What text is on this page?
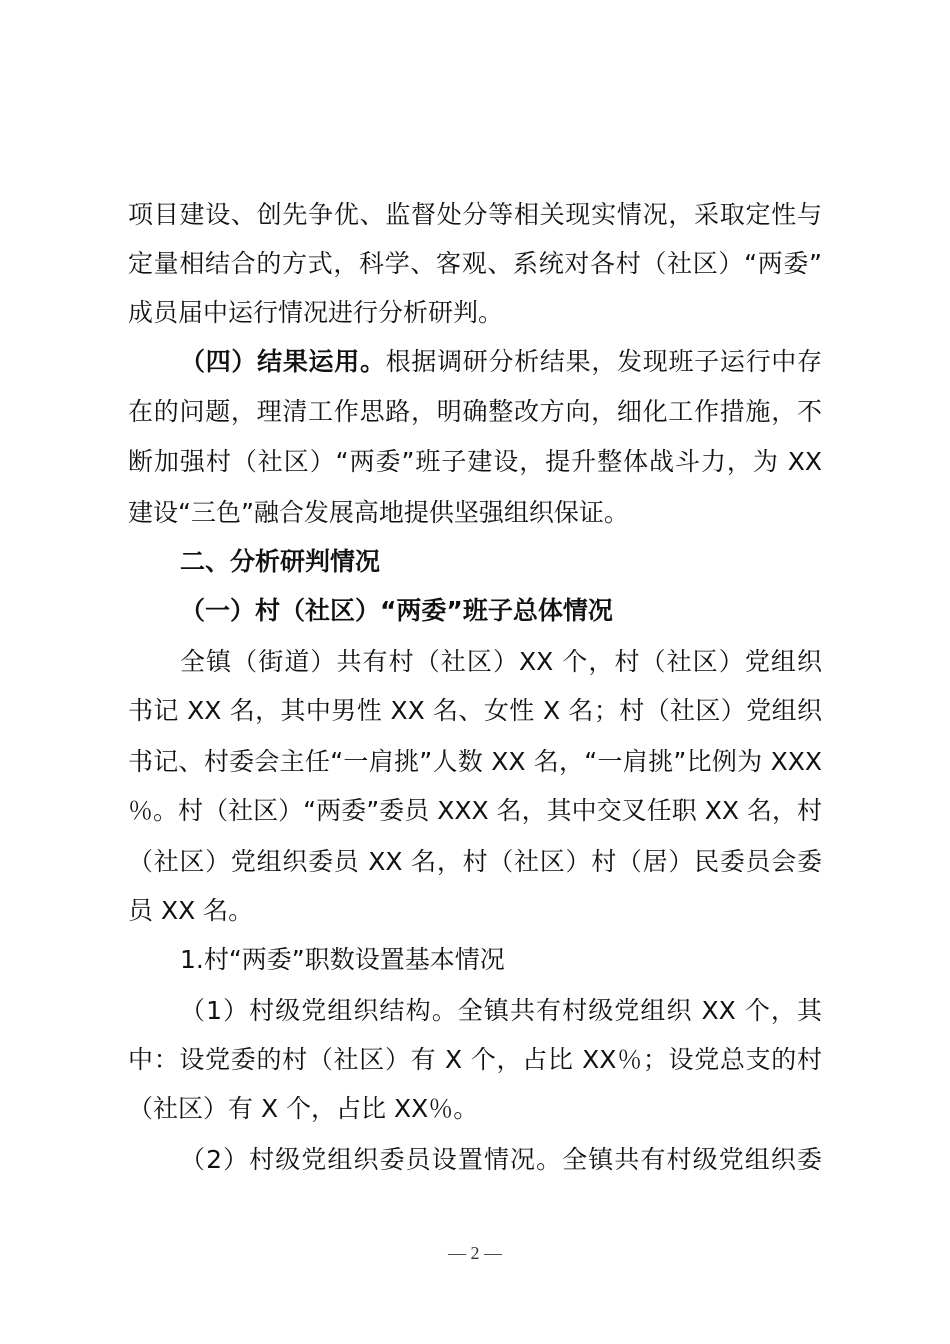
项目建设、创先争优、监督处分等相关现实情况，采取定性与
定量相结合的方式，科学、客观、系统对各村（社区）“两委”
成员届中运行情况进行分析研判。
（四）结果运用。根据调研分析结果，发现班子运行中存
在的问题，理清工作思路，明确整改方向，细化工作措施，不
断加强村（社区）“两委”班子建设，提升整体战斗力，为 XX
建设“三色”融合发展高地提供坚强组织保证。
二、分析研判情况
（一）村（社区）“两委”班子总体情况
全镇（街道）共有村（社区）XX 个，村（社区）党组织
书记 XX 名，其中男性 XX 名、女性 X 名；村（社区）党组织
书记、村委会主任“一肩挑”人数 XX 名，“一肩挑”比例为 XXX
％。村（社区）“两委”委员 XXX 名，其中交叉任职 XX 名，村
（社区）党组织委员 XX 名，村（社区）村（居）民委员会委
员 XX 名。
1.村“两委”职数设置基本情况
（1）村级党组织结构。全镇共有村级党组织 XX 个，其
中：设党委的村（社区）有 X 个，占比 XX％；设党总支的村
（社区）有 X 个，占比 XX％。
（2）村级党组织委员设置情况。全镇共有村级党组织委
— 2 —
